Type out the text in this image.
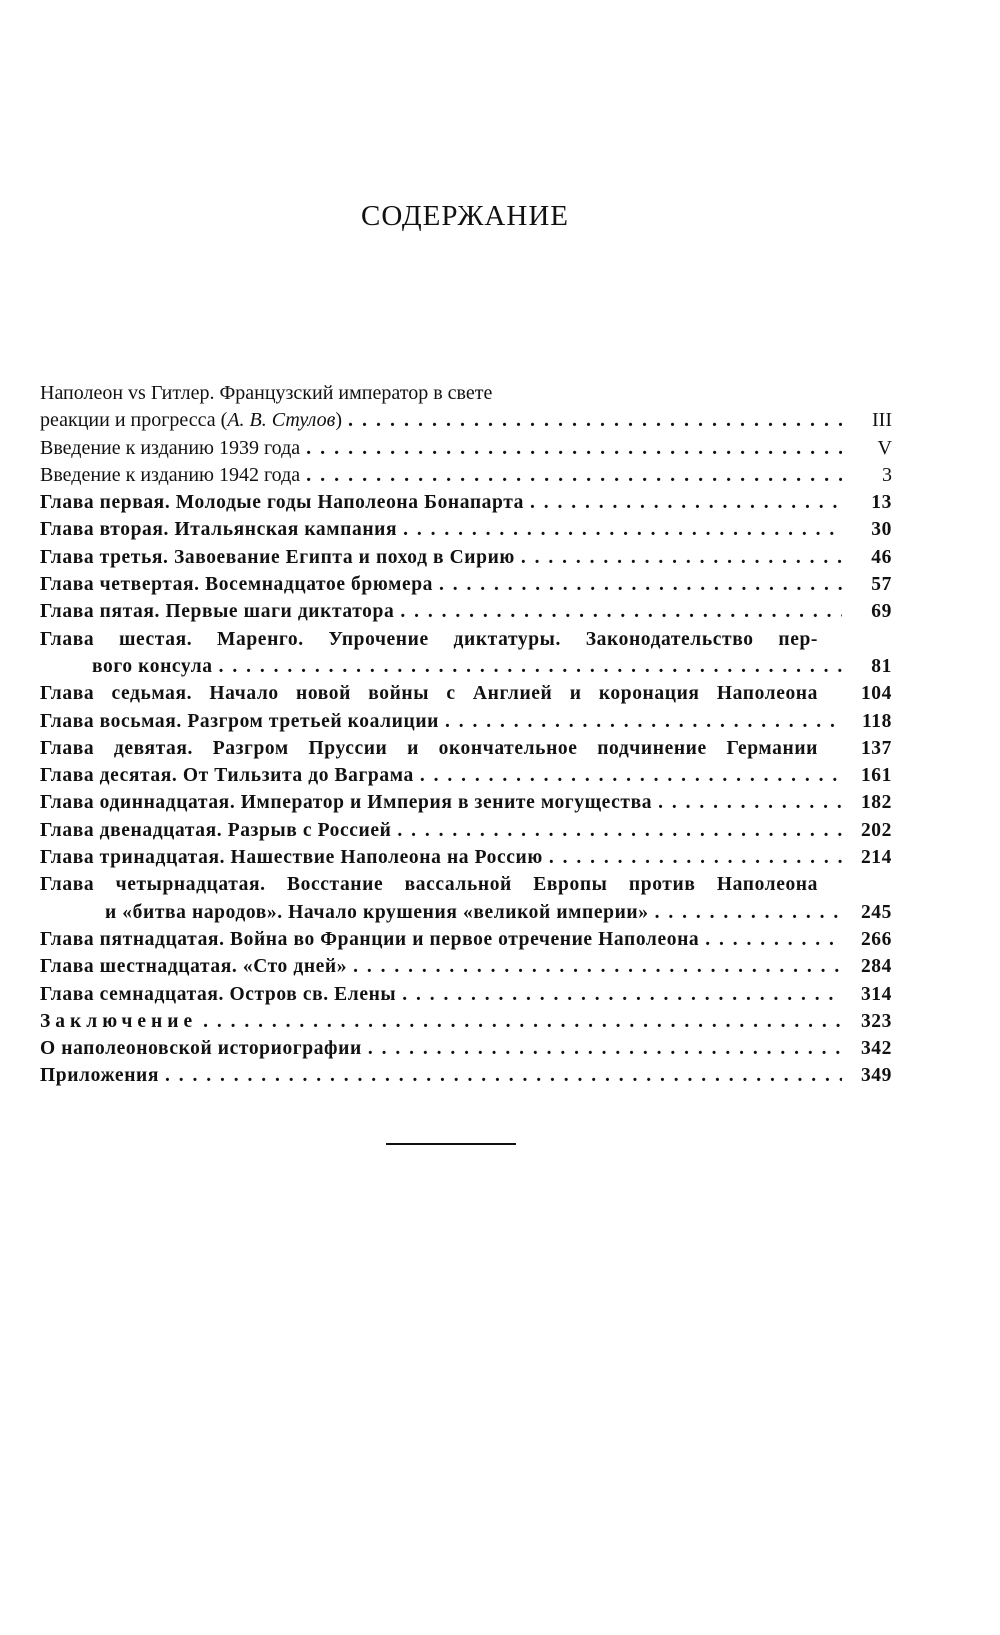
СОДЕРЖАНИЕ
Наполеон vs Гитлер. Французский император в свете
реакции и прогресса (А. В. Стулов) . . .	III
Введение к изданию 1939 года . . .	V
Введение к изданию 1942 года . . .	3
Глава первая. Молодые годы Наполеона Бонапарта . . .	13
Глава вторая. Итальянская кампания . . .	30
Глава третья. Завоевание Египта и поход в Сирию . . .	46
Глава четвертая. Восемнадцатое брюмера . . .	57
Глава пятая. Первые шаги диктатора . . .	69
Глава шестая. Маренго. Упрочение диктатуры. Законодательство пер-
вого консула . . .	81
Глава седьмая. Начало новой войны с Англией и коронация Наполеона	104
Глава восьмая. Разгром третьей коалиции . . .	118
Глава девятая. Разгром Пруссии и окончательное подчинение Германии	137
Глава десятая. От Тильзита до Ваграма . . .	161
Глава одиннадцатая. Император и Империя в зените могущества . . .	182
Глава двенадцатая. Разрыв с Россией . . .	202
Глава тринадцатая. Нашествие Наполеона на Россию . . .	214
Глава четырнадцатая. Восстание вассальной Европы против Наполеона
и «битва народов». Начало крушения «великой империи» . . .	245
Глава пятнадцатая. Война во Франции и первое отречение Наполеона . . .	266
Глава шестнадцатая. «Сто дней» . . .	284
Глава семнадцатая. Остров св. Елены . . .	314
Заключение . . .	323
О наполеоновской историографии . . .	342
Приложения . . .	349
